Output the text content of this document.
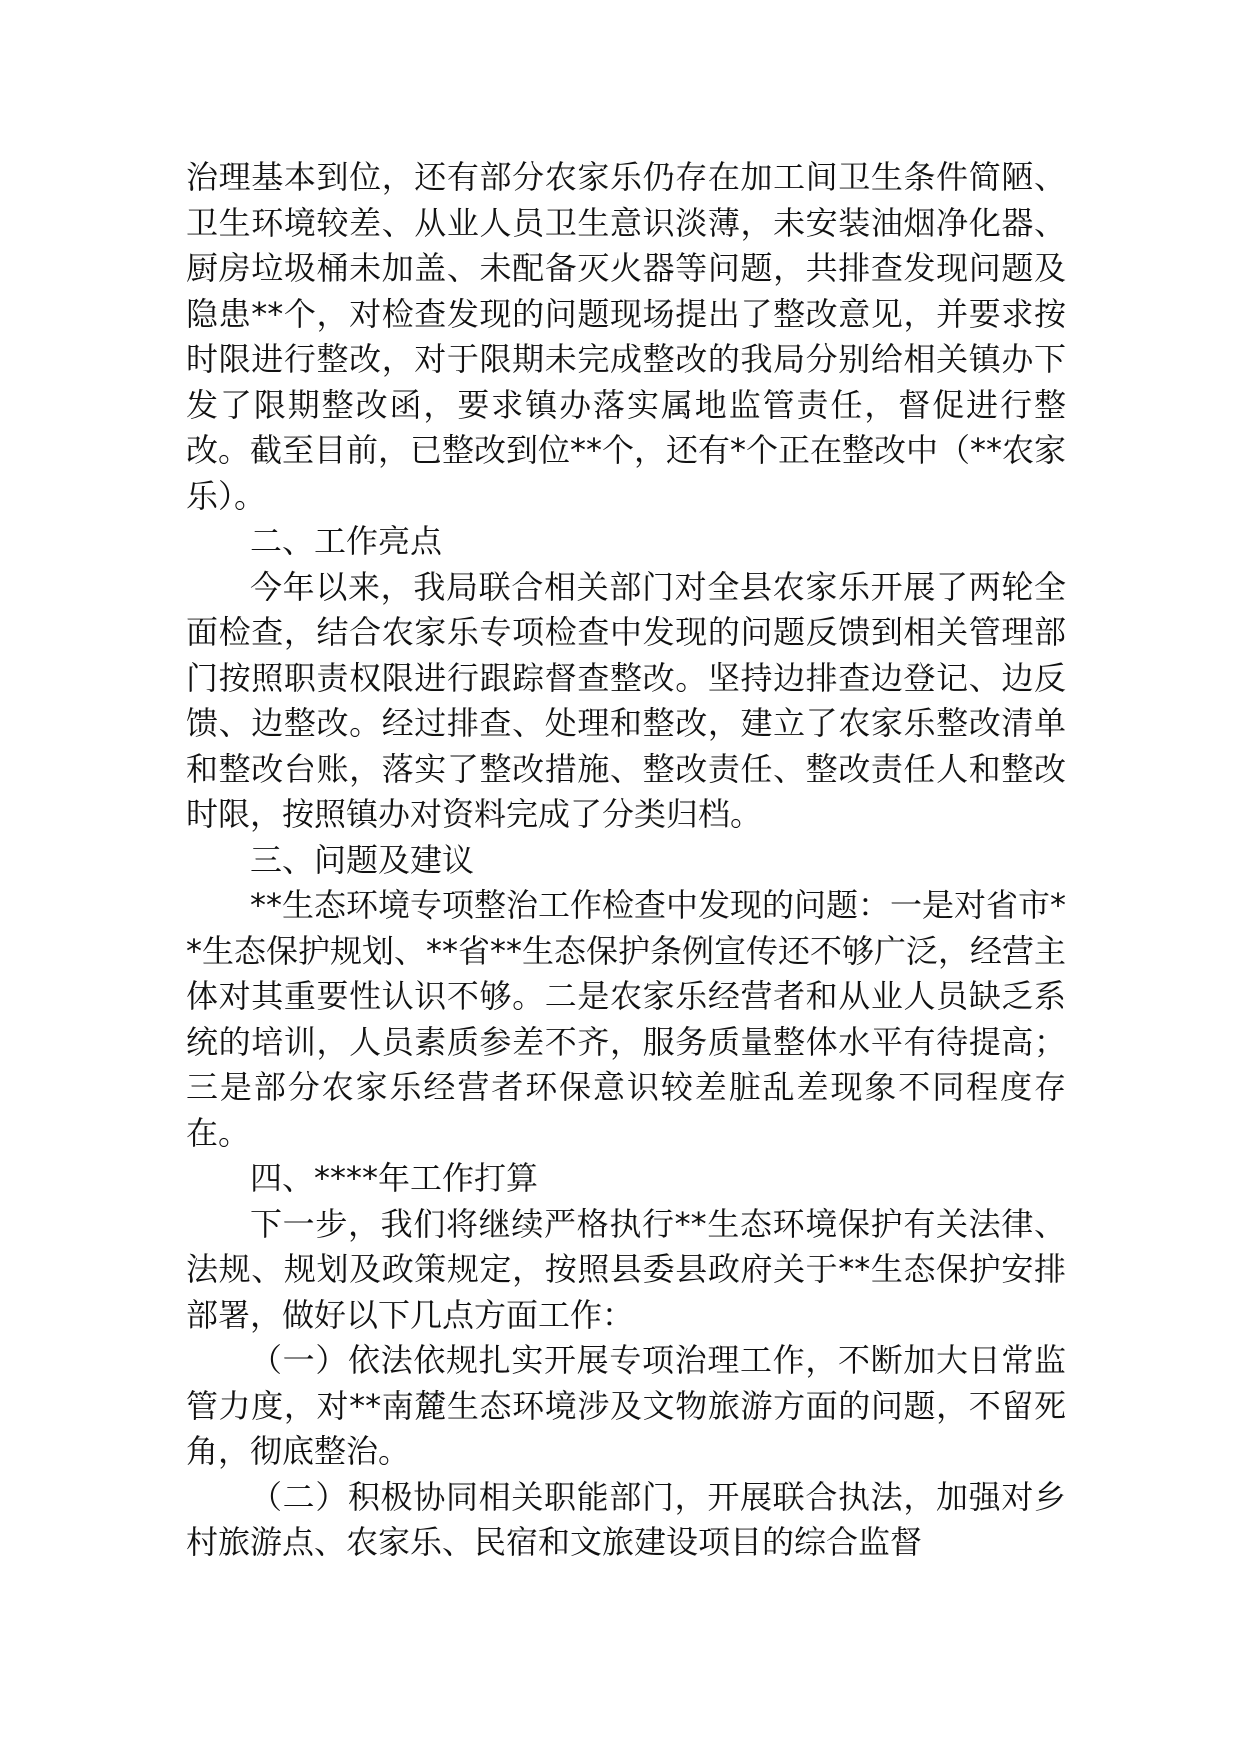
治理基本到位，还有部分农家乐仍存在加工间卫生条件简陋、卫生环境较差、从业人员卫生意识淡薄，未安装油烟净化器、厨房垃圾桶未加盖、未配备灭火器等问题，共排查发现问题及隐患**个，对检查发现的问题现场提出了整改意见，并要求按时限进行整改，对于限期未完成整改的我局分别给相关镇办下发了限期整改函，要求镇办落实属地监管责任，督促进行整改。截至目前，已整改到位**个，还有*个正在整改中（**农家乐）。

二、工作亮点

今年以来，我局联合相关部门对全县农家乐开展了两轮全面检查，结合农家乐专项检查中发现的问题反馈到相关管理部门按照职责权限进行跟踪督查整改。坚持边排查边登记、边反馈、边整改。经过排查、处理和整改，建立了农家乐整改清单和整改台账，落实了整改措施、整改责任、整改责任人和整改时限，按照镇办对资料完成了分类归档。

三、问题及建议

**生态环境专项整治工作检查中发现的问题：一是对省市**生态保护规划、**省**生态保护条例宣传还不够广泛，经营主体对其重要性认识不够。二是农家乐经营者和从业人员缺乏系统的培训，人员素质参差不齐，服务质量整体水平有待提高；三是部分农家乐经营者环保意识较差脏乱差现象不同程度存在。

四、****年工作打算

下一步，我们将继续严格执行**生态环境保护有关法律、法规、规划及政策规定，按照县委县政府关于**生态保护安排部署，做好以下几点方面工作：

（一）依法依规扎实开展专项治理工作，不断加大日常监管力度，对**南麓生态环境涉及文物旅游方面的问题，不留死角，彻底整治。

（二）积极协同相关职能部门，开展联合执法，加强对乡村旅游点、农家乐、民宿和文旅建设项目的综合监督
